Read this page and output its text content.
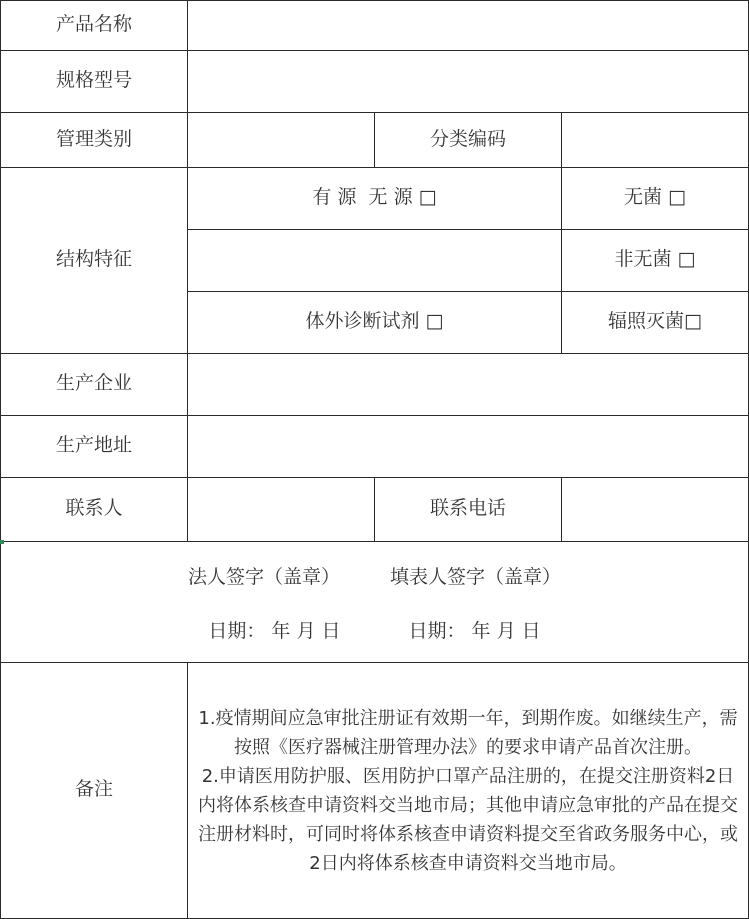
产品名称
规格型号
管理类别	分类编码
结构特征
有 源  无 源 □	无菌 □
非无菌 □
体外诊断试剂 □	辐照灭菌□
生产企业
生产地址
联系人	联系电话
法人签字（盖章）	填表人签字（盖章）
日期： 年 月 日	日期： 年 月 日
备注
1.疫情期间应急审批注册证有效期一年，到期作废。如继续生产，需按照《医疗器械注册管理办法》的要求申请产品首次注册。
2.申请医用防护服、医用防护口罩产品注册的，在提交注册资料2日内将体系核查申请资料交当地市局；其他申请应急审批的产品在提交注册材料时，可同时将体系核查申请资料提交至省政务服务中心，或2日内将体系核查申请资料交当地市局。
